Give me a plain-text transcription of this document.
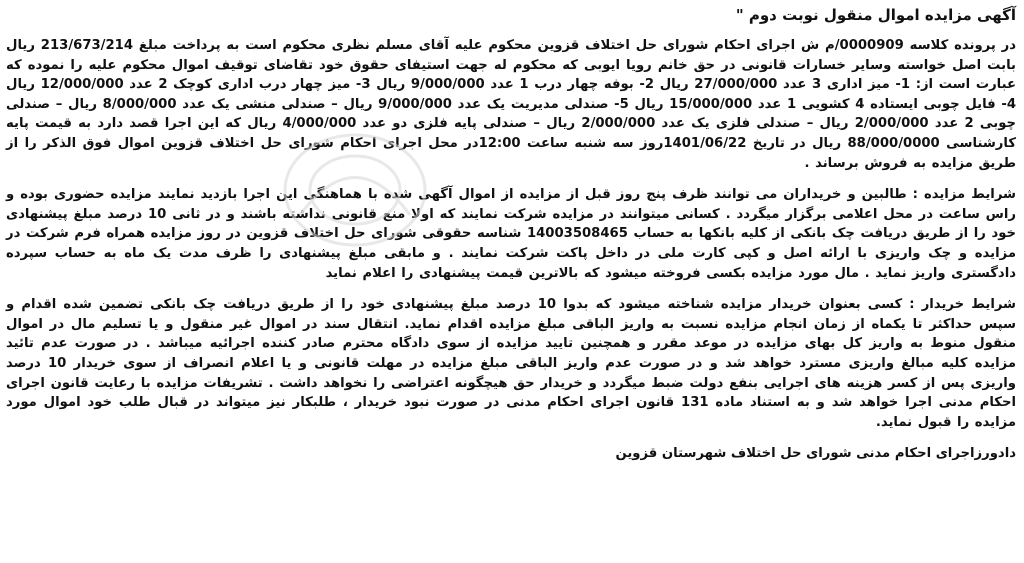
آگهی مزایده اموال منقول نوبت دوم "

در پرونده کلاسه 0000909/م ش اجرای احکام شورای حل اختلاف قزوین محکوم علیه آقای مسلم نظری محکوم است به پرداخت مبلغ 213/673/214 ریال بابت اصل خواسته وسایر خسارات قانونی در حق خانم رویا ایوبی که محکوم له جهت استیفای حقوق خود تقاضای توقیف اموال محکوم علیه را نموده که عبارت است از: 1- میز اداری 3 عدد 27/000/000 ریال 2- بوفه چهار درب 1 عدد 9/000/000 ریال 3- میز چهار درب اداری کوچک 2 عدد 12/000/000 ریال 4- فایل چوبی ایستاده 4 کشویی 1 عدد 15/000/000 ریال 5- صندلی مدیریت یک عدد 9/000/000 ریال – صندلی منشی یک عدد 8/000/000 ریال – صندلی چوبی 2 عدد 2/000/000 ریال – صندلی فلزی یک عدد 2/000/000 ریال – صندلی پایه فلزی دو عدد 4/000/000 ریال که این اجرا قصد دارد به قیمت پایه کارشناسی 88/000/0000 ریال در تاریخ 1401/06/22روز سه شنبه ساعت 12:00در محل اجرای احکام شورای حل اختلاف قزوین اموال فوق الذکر را از طریق مزایده به فروش برساند .

شرایط مزایده : طالبین و خریداران می توانند ظرف پنج روز قبل از مزایده از اموال آگهی شده با هماهنگی این اجرا بازدید نمایند مزایده حضوری بوده و راس ساعت در محل اعلامی برگزار میگردد . کسانی میتوانند در مزایده شرکت نمایند که اولا منع قانونی نداشته باشند و در ثانی 10 درصد مبلغ پیشنهادی خود را از طریق دریافت چک بانکی از کلیه بانکها به حساب 14003508465 شناسه حقوقی شورای حل اختلاف قزوین در روز مزایده همراه فرم شرکت در مزایده و چک واریزی با ارائه اصل و کپی کارت ملی در داخل پاکت شرکت نمایند . و مابقی مبلغ پیشنهادی را ظرف مدت یک ماه به حساب سپرده دادگستری واریز نماید . مال مورد مزایده بکسی فروخته میشود که بالاترین قیمت پیشنهادی را اعلام نماید

شرایط خریدار : کسی بعنوان خریدار مزایده شناخته میشود که بدوا 10 درصد مبلغ پیشنهادی خود را از طریق دریافت چک بانکی تضمین شده اقدام و سپس حداکثر تا یکماه از زمان انجام مزایده نسبت به واریز الباقی مبلغ مزایده اقدام نماید. انتقال سند در اموال غیر منقول و یا تسلیم مال در اموال منقول منوط به واریز کل بهای مزایده در موعد مقرر و همچنین تایید مزایده از سوی دادگاه محترم صادر کننده اجرائیه میباشد . در صورت عدم تائید مزایده کلیه مبالغ واریزی مسترد خواهد شد و در صورت عدم واریز الباقی مبلغ مزایده در مهلت قانونی و یا اعلام انصراف از سوی خریدار 10 درصد واریزی پس از کسر هزینه های اجرایی بنفع دولت ضبط میگردد و خریدار حق هیچگونه اعتراضی را نخواهد داشت . تشریفات مزایده با رعایت قانون اجرای احکام مدنی اجرا خواهد شد و به استناد ماده 131 قانون اجرای احکام مدنی در صورت نبود خریدار ، طلبکار نیز میتواند در قبال طلب خود اموال مورد مزایده را قبول نماید.

دادورزاجرای احکام مدنی شورای حل اختلاف شهرستان قزوین
